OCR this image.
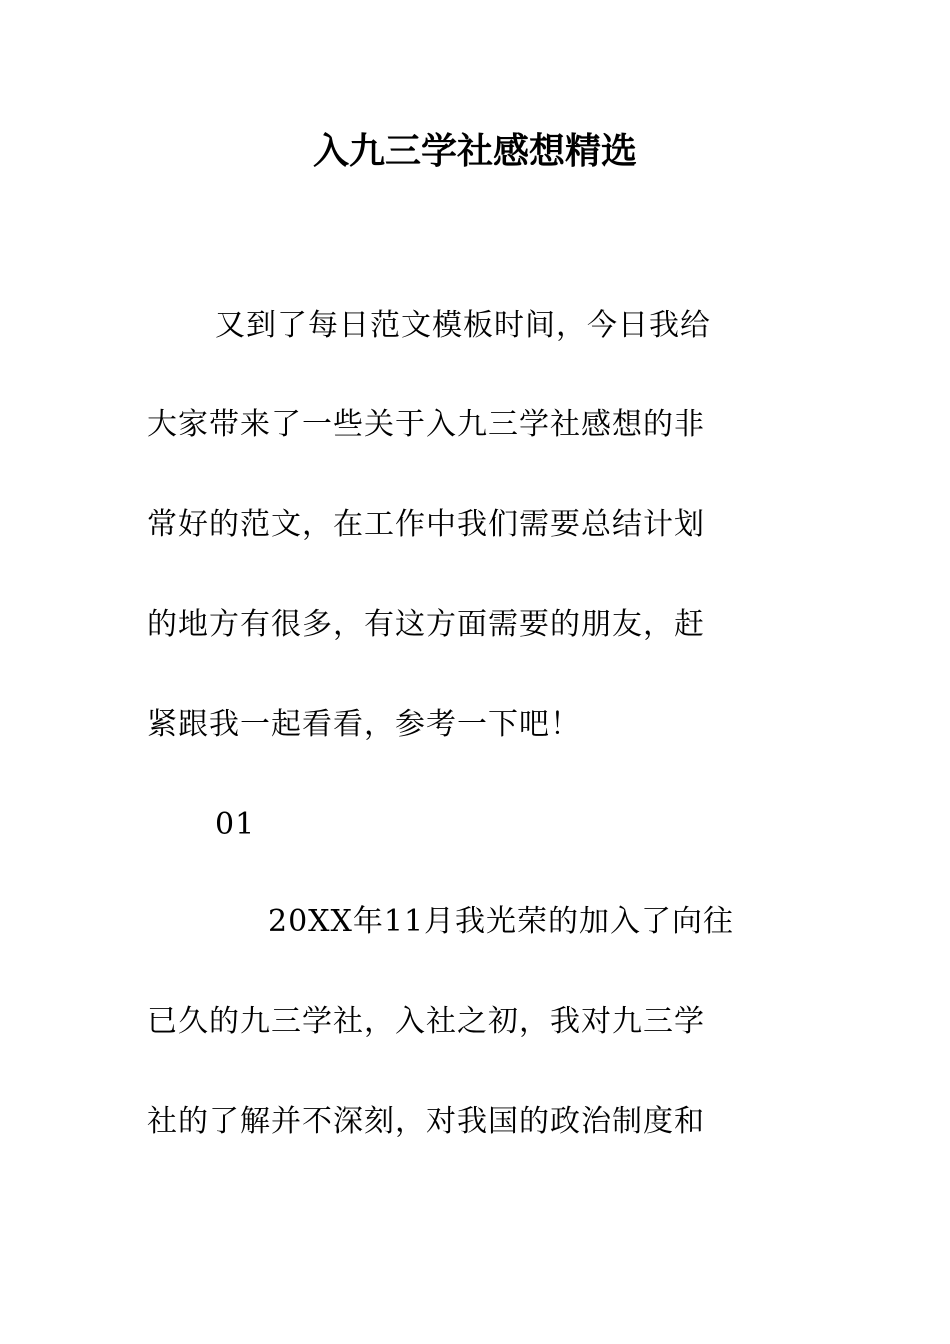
入九三学社感想精选
又到了每日范文模板时间，今日我给
大家带来了一些关于入九三学社感想的非
常好的范文，在工作中我们需要总结计划
的地方有很多，有这方面需要的朋友，赶
紧跟我一起看看，参考一下吧！
01
20XX年11月我光荣的加入了向往
已久的九三学社，入社之初，我对九三学
社的了解并不深刻，对我国的政治制度和
